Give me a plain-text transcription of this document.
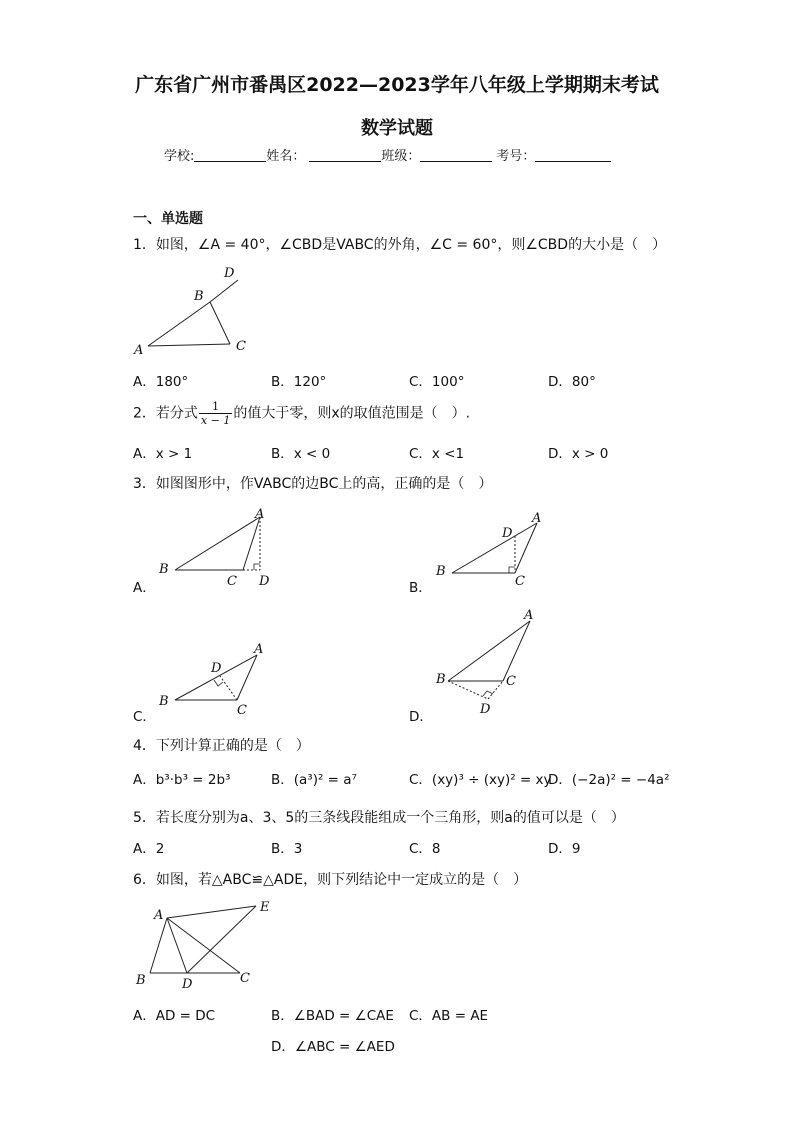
广东省广州市番禺区2022—2023学年八年级上学期期末考试
数学试题
学校:	姓名：	班级：	考号：
一、单选题
1．如图，∠A = 40°，∠CBD是VABC的外角，∠C = 60°，则∠CBD的大小是（　）
A
B
C
D
A．180°	B．120°	C．100°	D．80°
2．若分式 $\frac{1}{x - 1}$ 的值大于零，则x的取值范围是（　）.
A．x > 1	B．x < 0	C．x <1	D．x > 0
3．如图图形中，作VABC的边BC上的高，正确的是（　）
A．
A
B
C D	B．
A
B
C
D
C．
A
B
C
D
D．
A
B	C
D
4．下列计算正确的是（　）
A．b³·b³ = 2b³	B．(a³)² = a⁷	C．(xy)³ ÷ (xy)² = xy
D．(−2a)² = −4a²
5．若长度分别为a、3、5的三条线段能组成一个三角形，则a的值可以是（　）
A．2	B．3	C．8	D．9
6．如图，若△ABC≌△ADE，则下列结论中一定成立的是（　）
A
B	C
D
E
A．AD = DC	B．∠BAD = ∠CAE C．AB = AE
D．∠ABC = ∠AED
